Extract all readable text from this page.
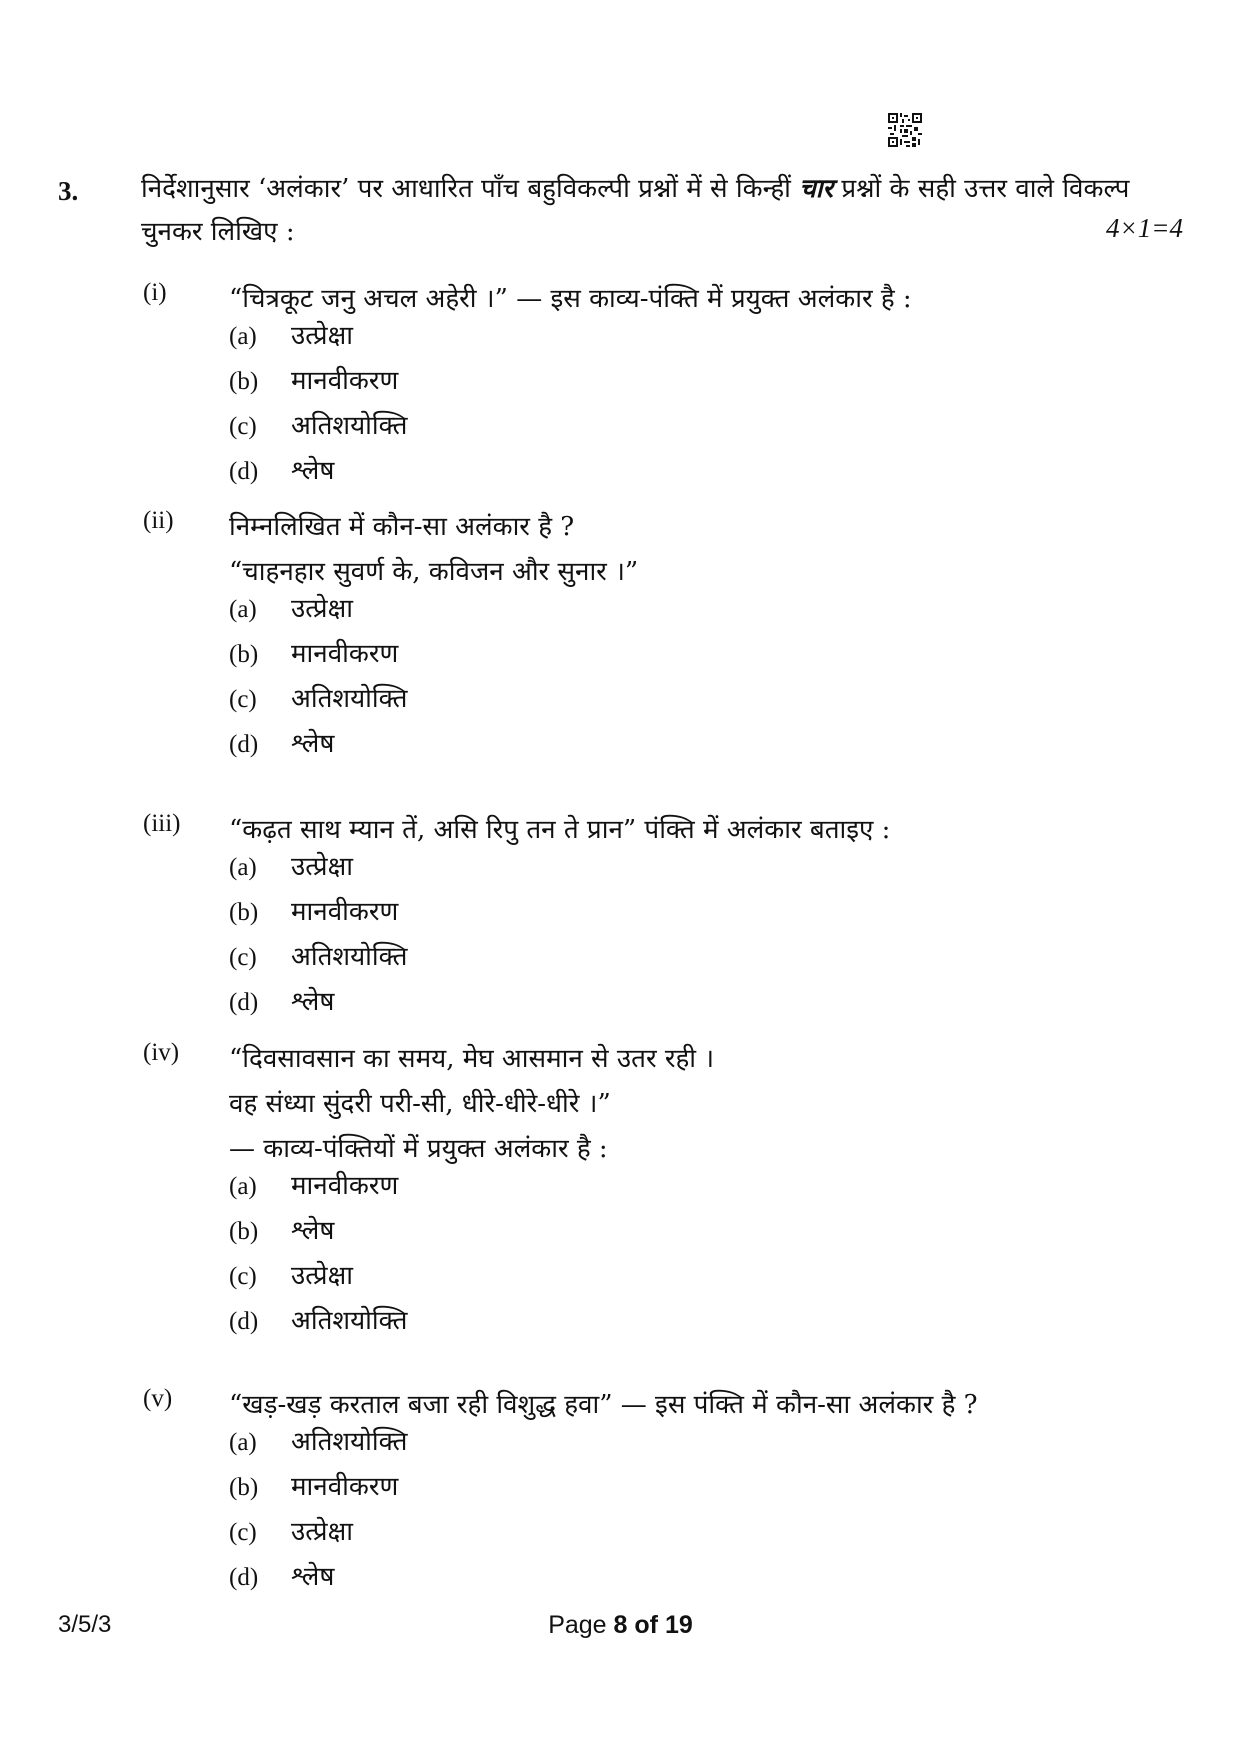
3. निर्देशानुसार ‘अलंकार’ पर आधारित पाँच बहुविकल्पी प्रश्नों में से किन्हीं चार प्रश्नों के सही उत्तर वाले विकल्प चुनकर लिखिए :	4×1=4
(i) “चित्रकूट जनु अचल अहेरी ।” — इस काव्य-पंक्ति में प्रयुक्त अलंकार है :
(a) उत्प्रेक्षा
(b) मानवीकरण
(c) अतिशयोक्ति
(d) श्लेष
(ii) निम्नलिखित में कौन-सा अलंकार है ?
“चाहनहार सुवर्ण के, कविजन और सुनार ।”
(a) उत्प्रेक्षा
(b) मानवीकरण
(c) अतिशयोक्ति
(d) श्लेष
(iii) “कढ़त साथ म्यान तें, असि रिपु तन ते प्रान” पंक्ति में अलंकार बताइए :
(a) उत्प्रेक्षा
(b) मानवीकरण
(c) अतिशयोक्ति
(d) श्लेष
(iv) “दिवसावसान का समय, मेघ आसमान से उतर रही ।
वह संध्या सुंदरी परी-सी, धीरे-धीरे-धीरे ।”
— काव्य-पंक्तियों में प्रयुक्त अलंकार है :
(a) मानवीकरण
(b) श्लेष
(c) उत्प्रेक्षा
(d) अतिशयोक्ति
(v) “खड़-खड़ करताल बजा रही विशुद्ध हवा” — इस पंक्ति में कौन-सा अलंकार है ?
(a) अतिशयोक्ति
(b) मानवीकरण
(c) उत्प्रेक्षा
(d) श्लेष
3/5/3	Page 8 of 19
